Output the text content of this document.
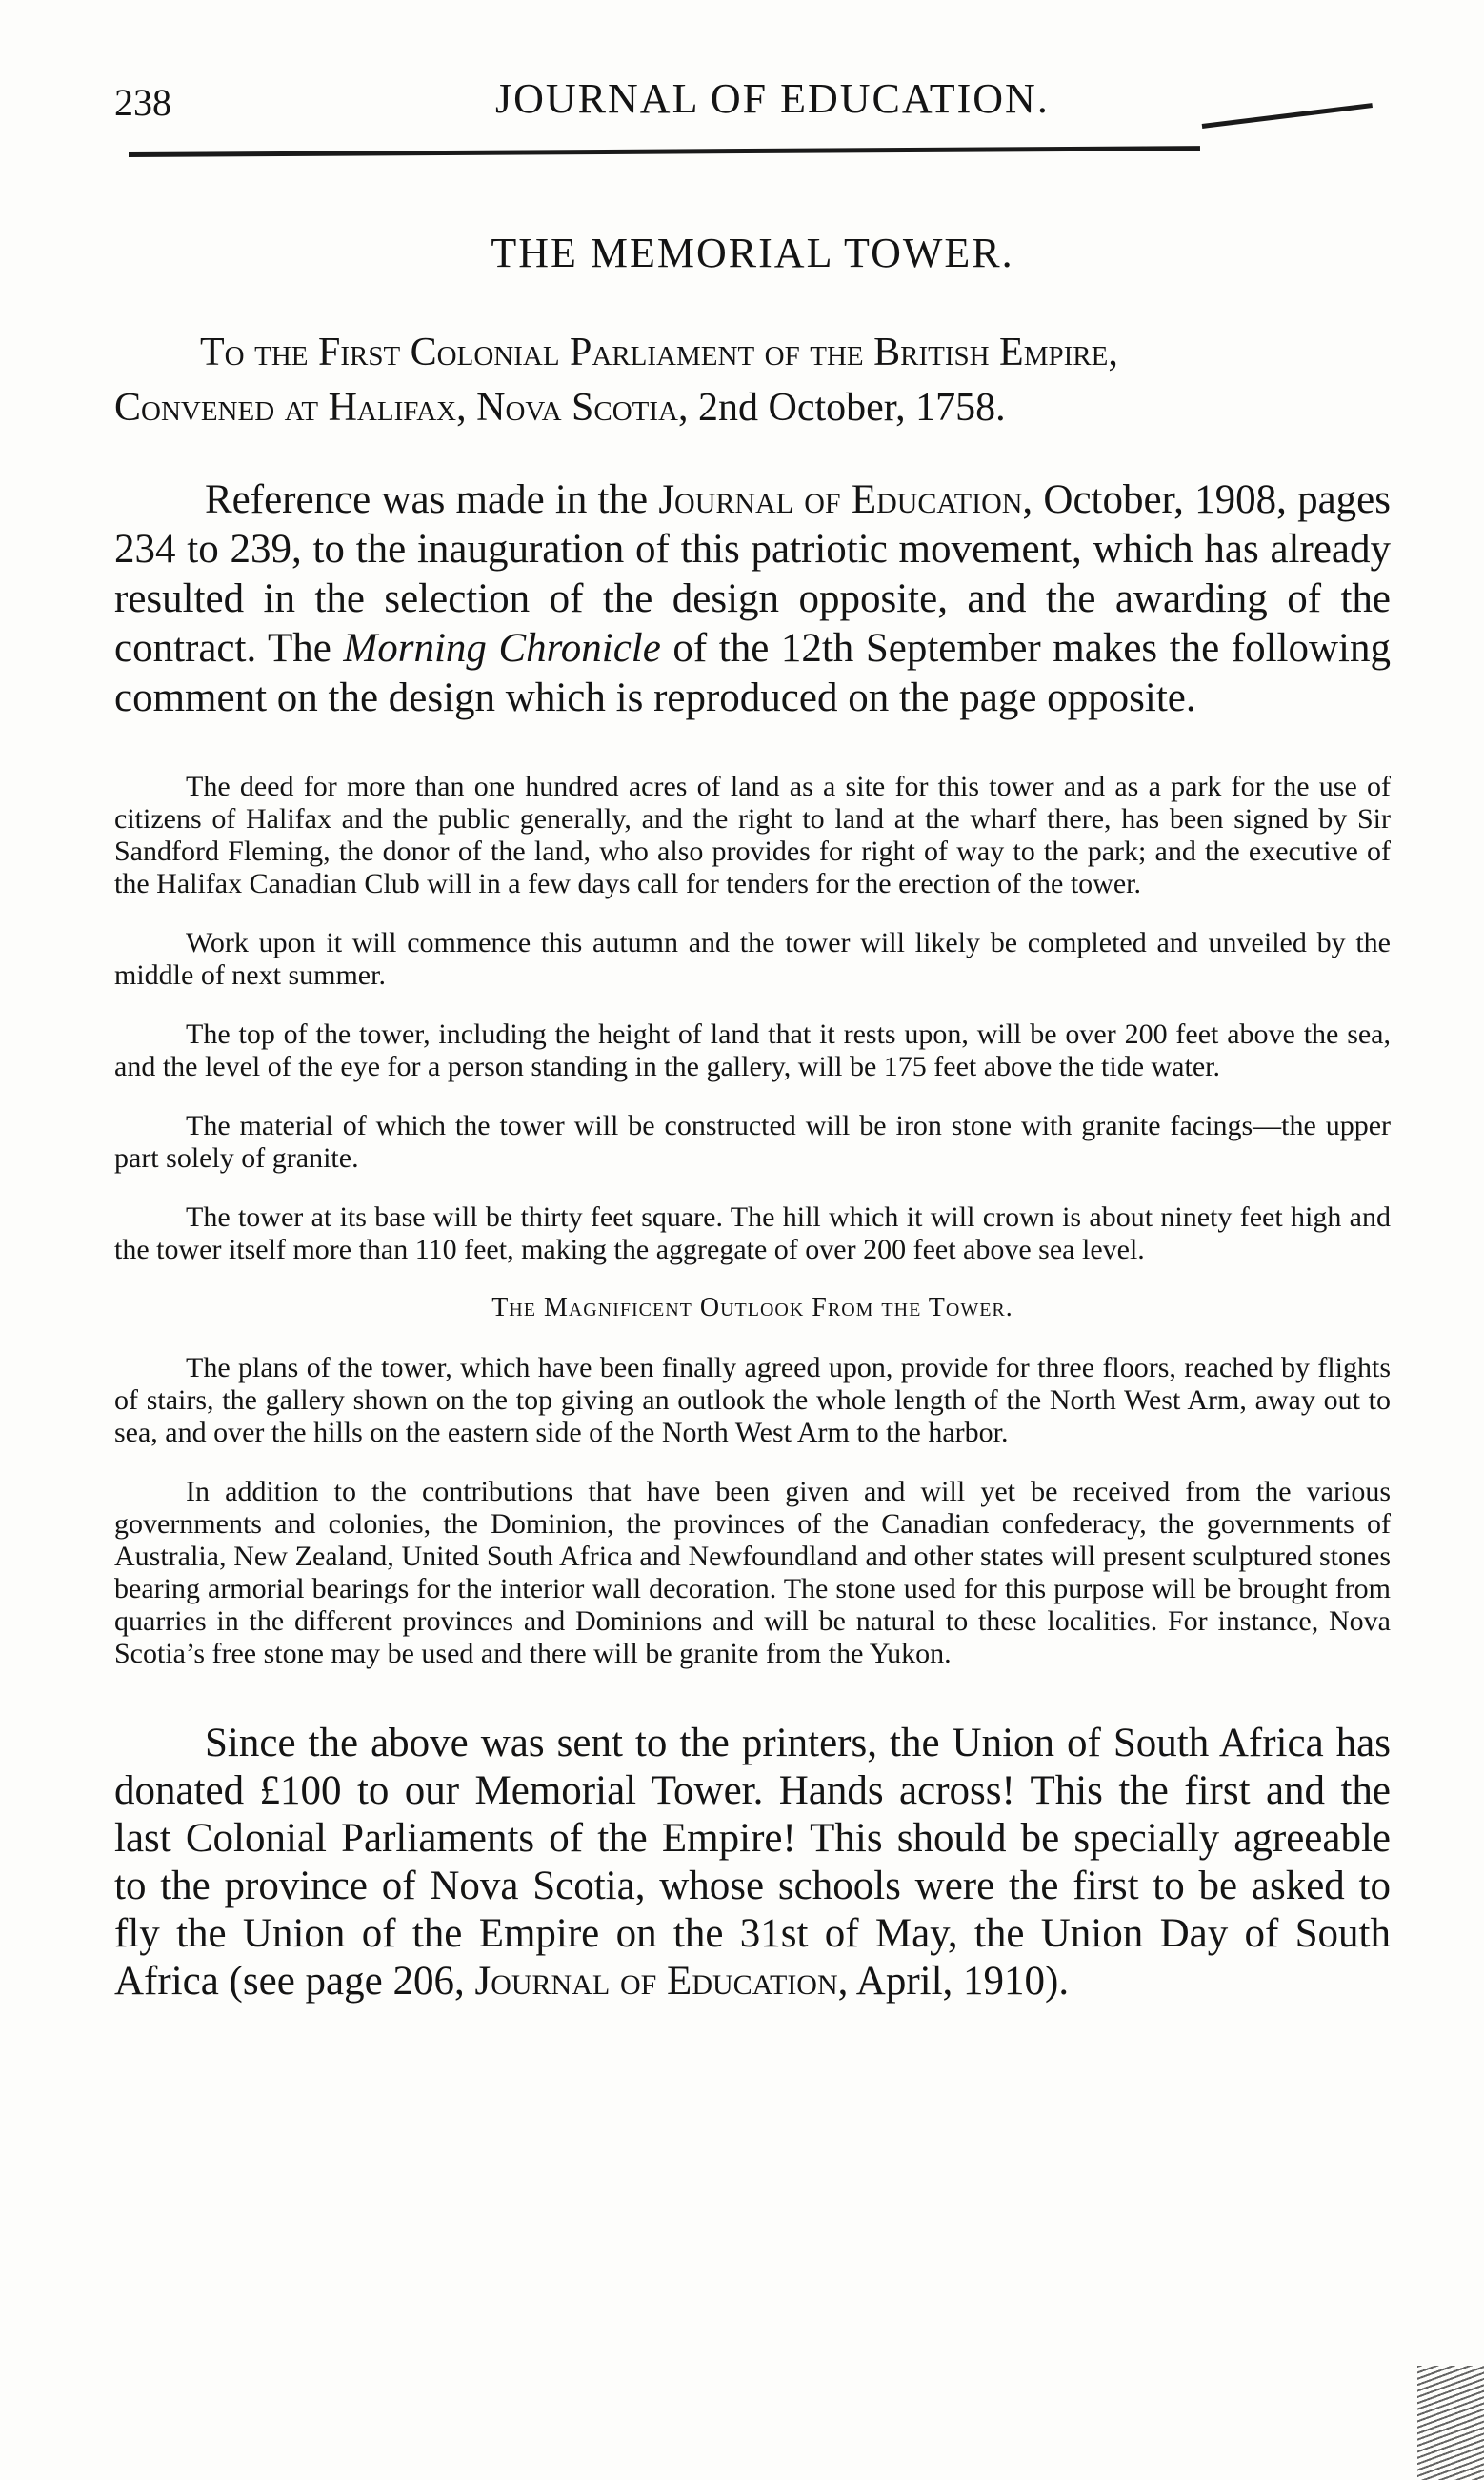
238	JOURNAL OF EDUCATION.
THE MEMORIAL TOWER.

To the First Colonial Parliament of the British Empire,
Convened at Halifax, Nova Scotia, 2nd October, 1758.

Reference was made in the Journal of Education, October, 1908, pages 234 to 239, to the inauguration of this patriotic movement, which has already resulted in the selection of the design opposite, and the awarding of the contract. The Morning Chronicle of the 12th September makes the following comment on the design which is reproduced on the page opposite.

The deed for more than one hundred acres of land as a site for this tower and as a park for the use of citizens of Halifax and the public generally, and the right to land at the wharf there, has been signed by Sir Sandford Fleming, the donor of the land, who also provides for right of way to the park; and the executive of the Halifax Canadian Club will in a few days call for tenders for the erection of the tower.

Work upon it will commence this autumn and the tower will likely be completed and unveiled by the middle of next summer.

The top of the tower, including the height of land that it rests upon, will be over 200 feet above the sea, and the level of the eye for a person standing in the gallery, will be 175 feet above the tide water.

The material of which the tower will be constructed will be iron stone with granite facings—the upper part solely of granite.

The tower at its base will be thirty feet square. The hill which it will crown is about ninety feet high and the tower itself more than 110 feet, making the aggregate of over 200 feet above sea level.

The Magnificent Outlook From the Tower.

The plans of the tower, which have been finally agreed upon, provide for three floors, reached by flights of stairs, the gallery shown on the top giving an outlook the whole length of the North West Arm, away out to sea, and over the hills on the eastern side of the North West Arm to the harbor.

In addition to the contributions that have been given and will yet be received from the various governments and colonies, the Dominion, the provinces of the Canadian confederacy, the governments of Australia, New Zealand, United South Africa and Newfoundland and other states will present sculptured stones bearing armorial bearings for the interior wall decoration. The stone used for this purpose will be brought from quarries in the different provinces and Dominions and will be natural to these localities. For instance, Nova Scotia’s free stone may be used and there will be granite from the Yukon.

Since the above was sent to the printers, the Union of South Africa has donated £100 to our Memorial Tower. Hands across! This the first and the last Colonial Parliaments of the Empire! This should be specially agreeable to the province of Nova Scotia, whose schools were the first to be asked to fly the Union of the Empire on the 31st of May, the Union Day of South Africa (see page 206, Journal of Education, April, 1910).
